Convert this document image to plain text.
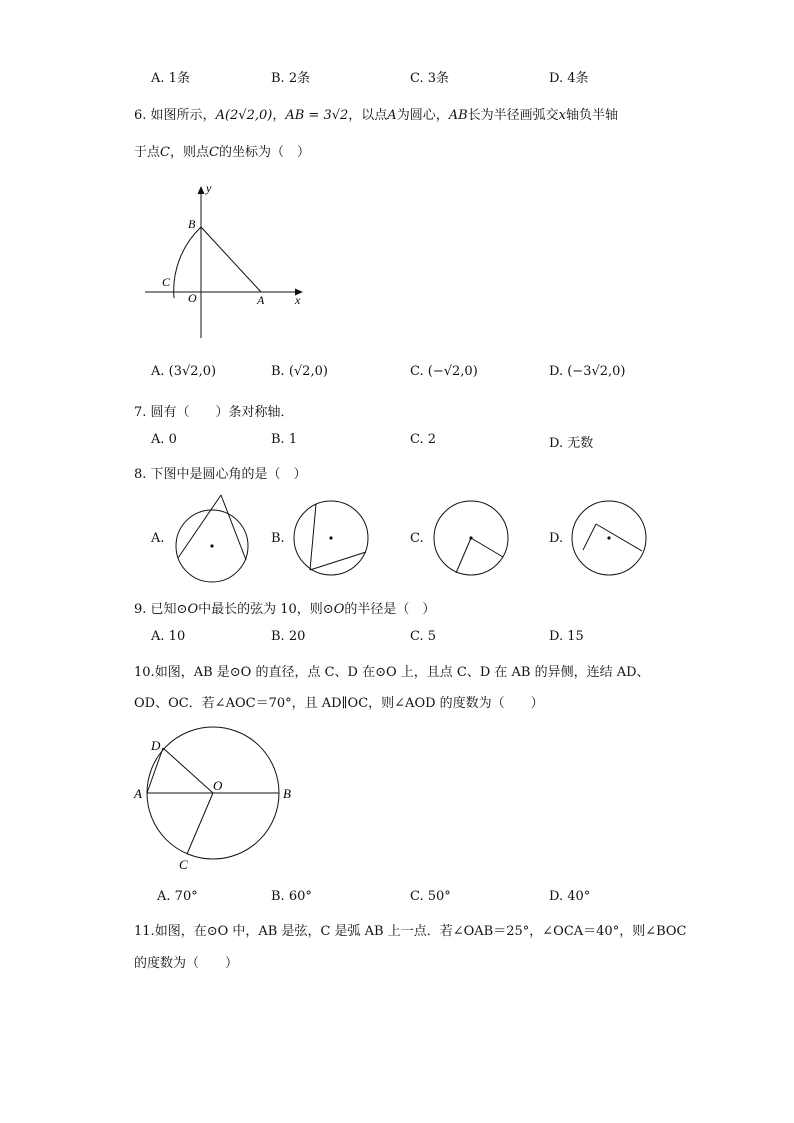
A. 1条	B. 2条	C. 3条	D. 4条
6. 如图所示，A(2√2,0)，AB = 3√2，以点A为圆心，AB长为半径画弧交x轴负半轴
于点C，则点C的坐标为（　）
y
B
C
O	A	x
A. (3√2,0)	B. (√2,0)	C. (−√2,0)	D. (−3√2,0)
7. 圆有（　　）条对称轴．
A. 0	B. 1	C. 2	D. 无数
8. 下图中是圆心角的是（　）
A.	B.	C.	D.
9. 已知⊙O中最长的弦为 10，则⊙O的半径是（　）
A. 10	B. 20	C. 5	D. 15
10.如图，AB 是⊙O 的直径，点 C、D 在⊙O 上，且点 C、D 在 AB 的异侧，连结 AD、
OD、OC．若∠AOC＝70°，且 AD∥OC，则∠AOD 的度数为（　　）
D
O
A	B
C
A. 70°	B. 60°	C. 50°	D. 40°
11.如图，在⊙O 中，AB 是弦，C 是弧 AB 上一点．若∠OAB＝25°，∠OCA＝40°，则∠BOC
的度数为（　　）
